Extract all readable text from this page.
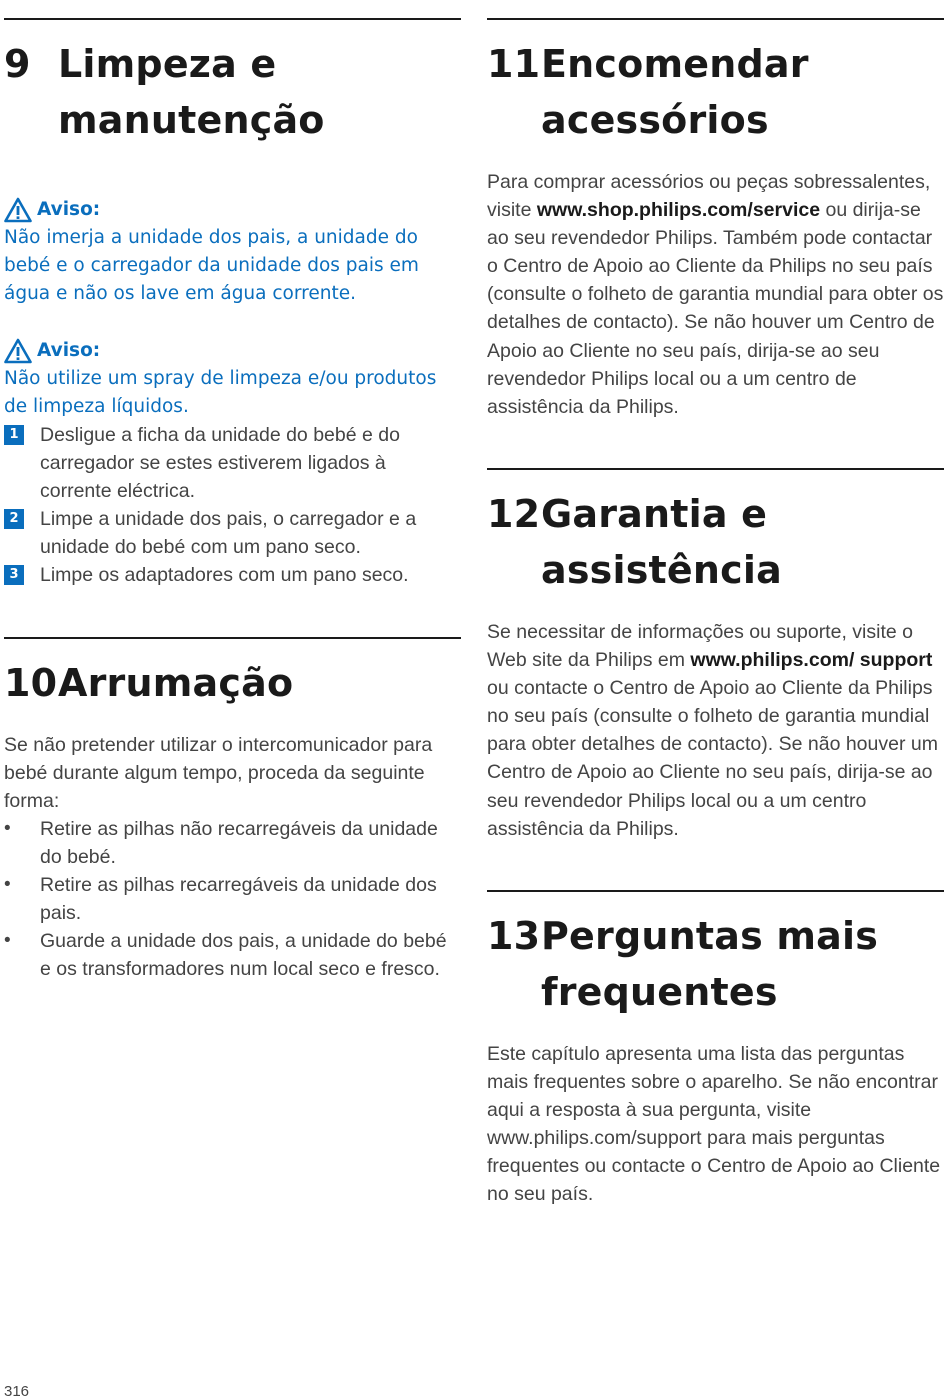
9 Limpeza e
manutenção
Aviso:
Não imerja a unidade dos pais, a unidade do bebé e o carregador da unidade dos pais em água e não os lave em água corrente.
Aviso:
Não utilize um spray de limpeza e/ou produtos de limpeza líquidos.
1 Desligue a ficha da unidade do bebé e do carregador se estes estiverem ligados à corrente eléctrica.
2 Limpe a unidade dos pais, o carregador e a unidade do bebé com um pano seco.
3 Limpe os adaptadores com um pano seco.
10 Arrumação
Se não pretender utilizar o intercomunicador para bebé durante algum tempo, proceda da seguinte forma:
• Retire as pilhas não recarregáveis da unidade do bebé.
• Retire as pilhas recarregáveis da unidade dos pais.
• Guarde a unidade dos pais, a unidade do bebé e os transformadores num local seco e fresco.
11 Encomendar
acessórios
Para comprar acessórios ou peças sobressalentes, visite www.shop.philips.com/service ou dirija-se ao seu revendedor Philips. Também pode contactar o Centro de Apoio ao Cliente da Philips no seu país (consulte o folheto de garantia mundial para obter os detalhes de contacto). Se não houver um Centro de Apoio ao Cliente no seu país, dirija-se ao seu revendedor Philips local ou a um centro de assistência da Philips.
12 Garantia e
assistência
Se necessitar de informações ou suporte, visite o Web site da Philips em www.philips.com/ support ou contacte o Centro de Apoio ao Cliente da Philips no seu país (consulte o folheto de garantia mundial para obter detalhes de contacto). Se não houver um Centro de Apoio ao Cliente no seu país, dirija-se ao seu revendedor Philips local ou a um centro assistência da Philips.
13 Perguntas mais
frequentes
Este capítulo apresenta uma lista das perguntas mais frequentes sobre o aparelho. Se não encontrar aqui a resposta à sua pergunta, visite www.philips.com/support para mais perguntas frequentes ou contacte o Centro de Apoio ao Cliente no seu país.
316
